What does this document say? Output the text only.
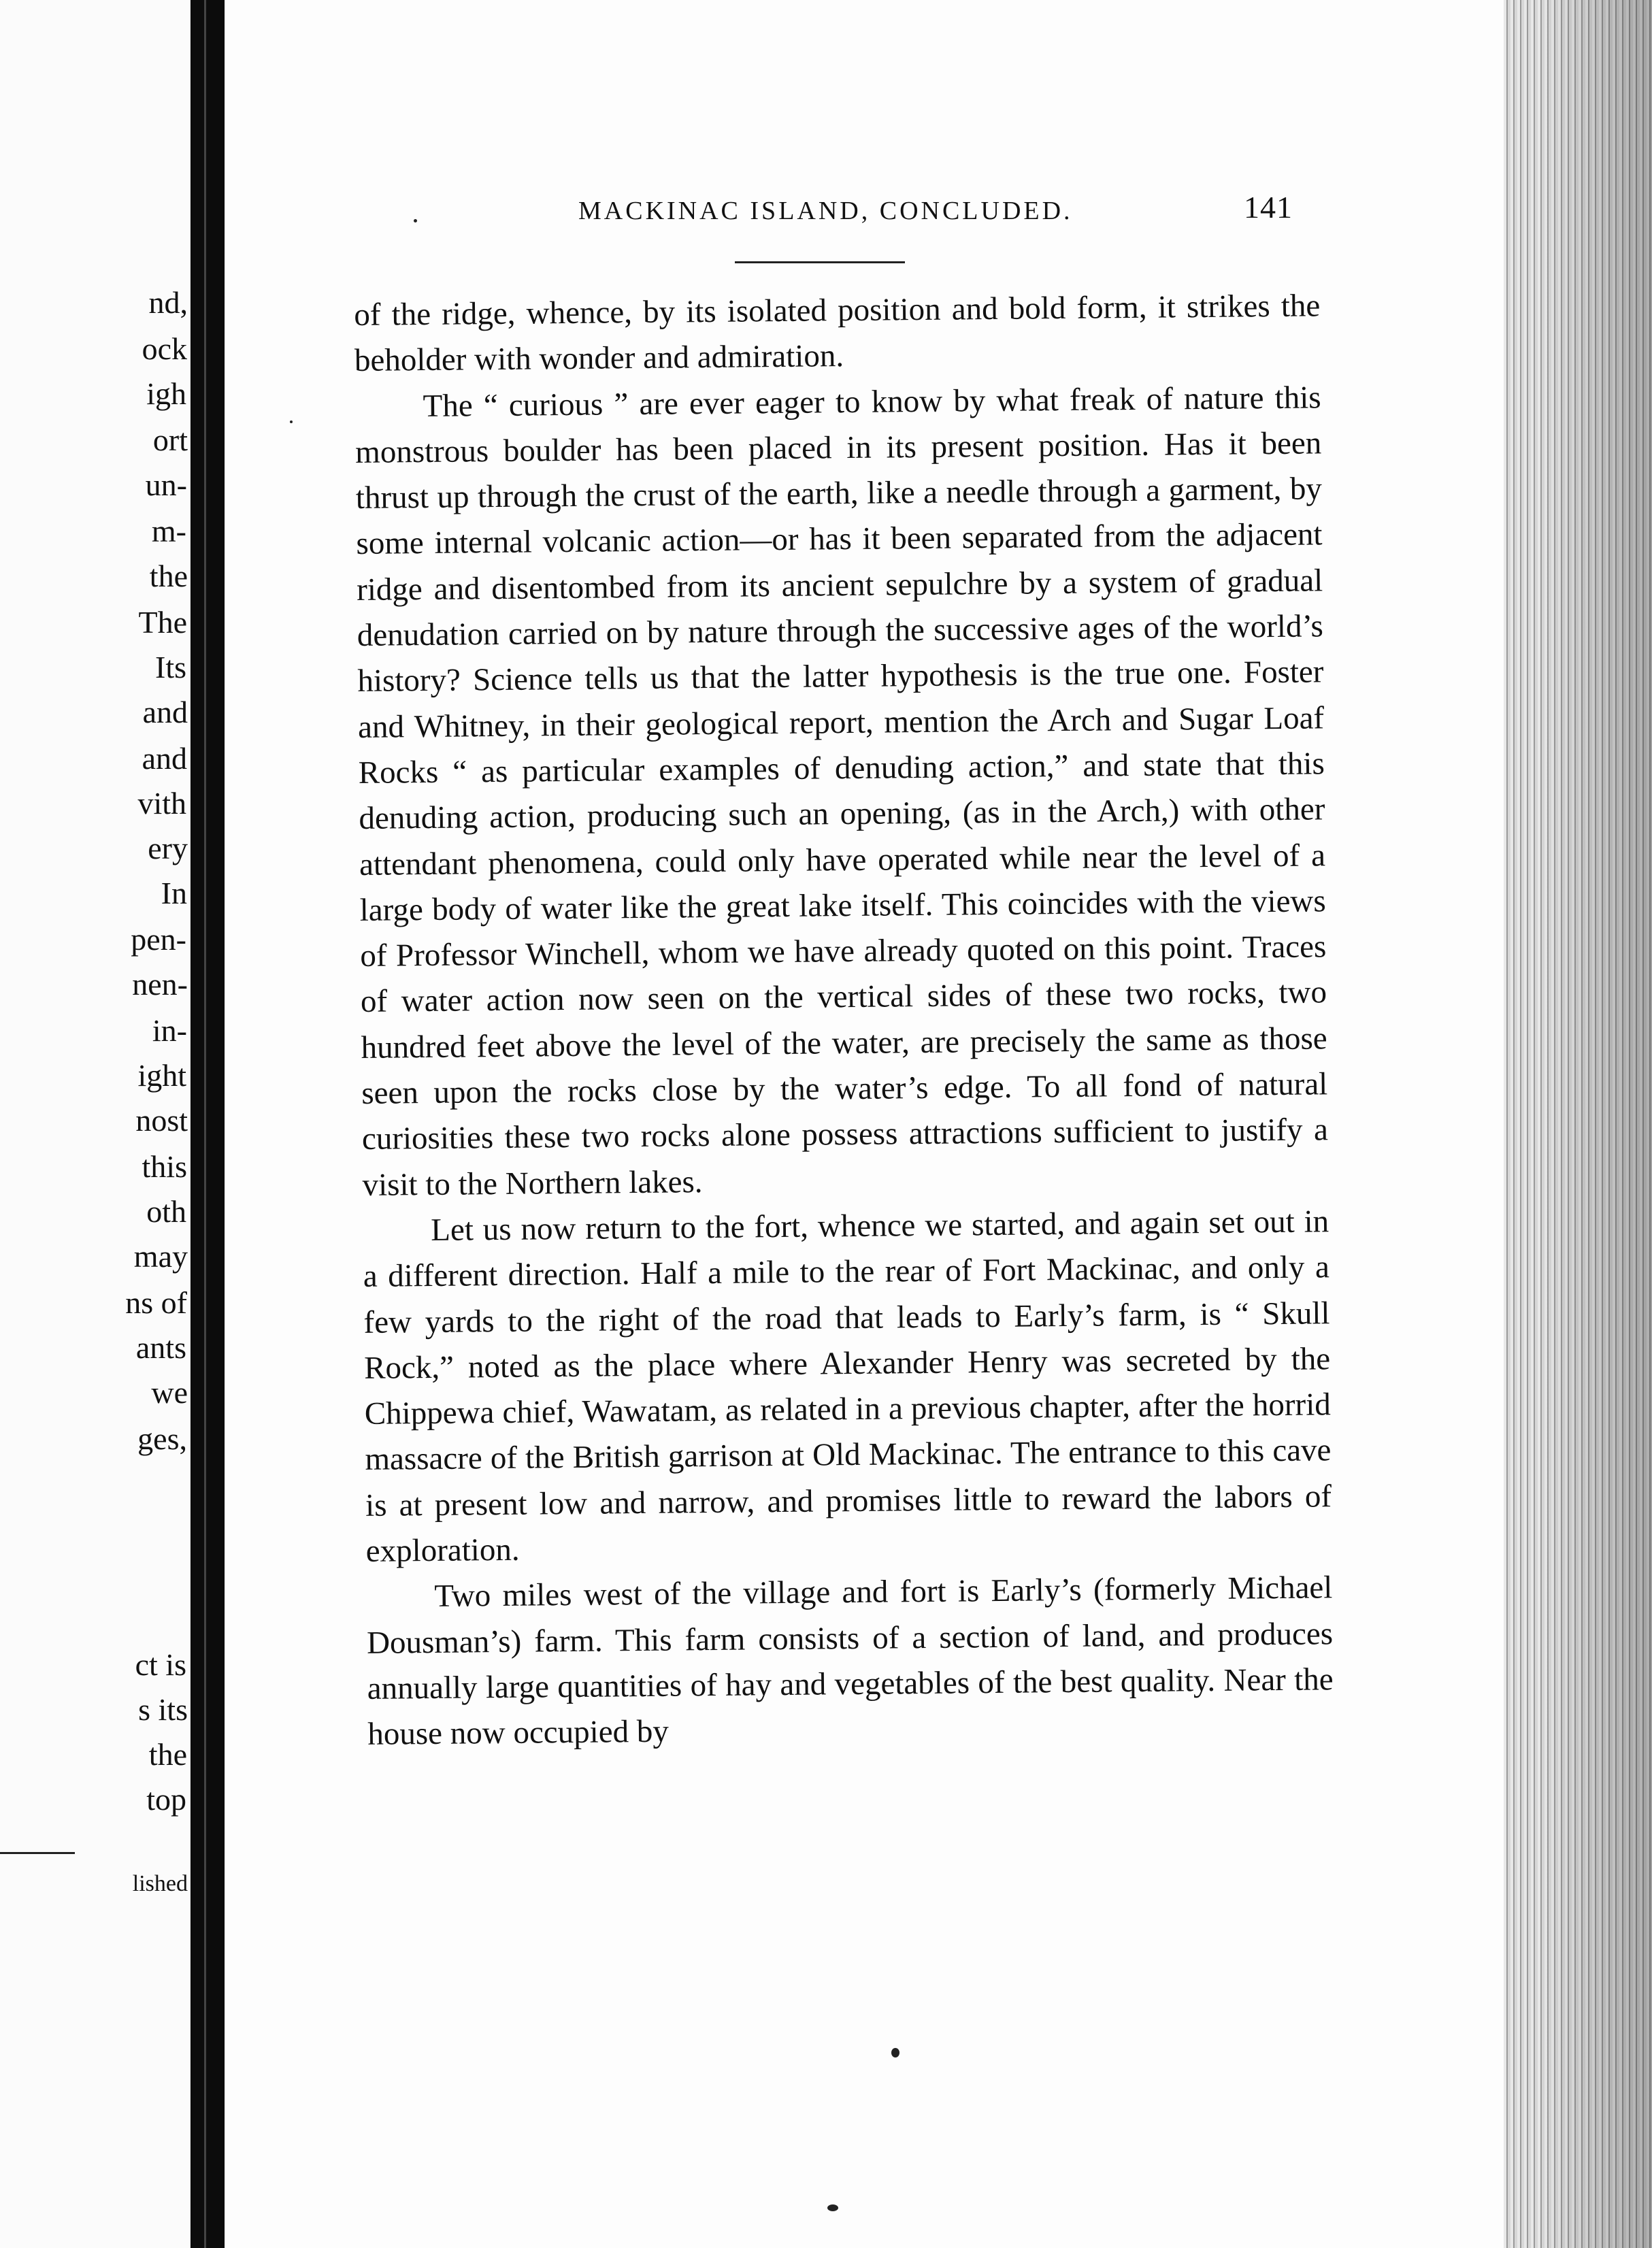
nd,
ock
igh
ort
un-
m-
the
The
Its
and
and
vith
ery
In
pen-
nen-
in-
ight
nost
this
oth
may
ns of
ants
we
ges,
ct is
s its
the
top
lished
MACKINAC ISLAND, CONCLUDED.	141

of the ridge, whence, by its isolated position and bold form, it strikes the beholder with wonder and admiration.

The “ curious ” are ever eager to know by what freak of nature this monstrous boulder has been placed in its present position. Has it been thrust up through the crust of the earth, like a needle through a garment, by some internal volcanic action—or has it been separated from the adjacent ridge and disentombed from its ancient sepulchre by a system of gradual denudation carried on by nature through the successive ages of the world’s history? Science tells us that the latter hypothesis is the true one. Foster and Whitney, in their geological report, mention the Arch and Sugar Loaf Rocks “ as particular examples of denuding action,” and state that this denuding action, producing such an opening, (as in the Arch,) with other attendant phenomena, could only have operated while near the level of a large body of water like the great lake itself. This coincides with the views of Professor Winchell, whom we have already quoted on this point. Traces of water action now seen on the vertical sides of these two rocks, two hundred feet above the level of the water, are precisely the same as those seen upon the rocks close by the water’s edge. To all fond of natural curiosities these two rocks alone possess attractions sufficient to justify a visit to the Northern lakes.

Let us now return to the fort, whence we started, and again set out in a different direction. Half a mile to the rear of Fort Mackinac, and only a few yards to the right of the road that leads to Early’s farm, is “ Skull Rock,” noted as the place where Alexander Henry was secreted by the Chippewa chief, Wawatam, as related in a previous chapter, after the horrid massacre of the British garrison at Old Mackinac. The entrance to this cave is at present low and narrow, and promises little to reward the labors of exploration.

Two miles west of the village and fort is Early’s (formerly Michael Dousman’s) farm. This farm consists of a section of land, and produces annually large quantities of hay and vegetables of the best quality. Near the house now occupied by
